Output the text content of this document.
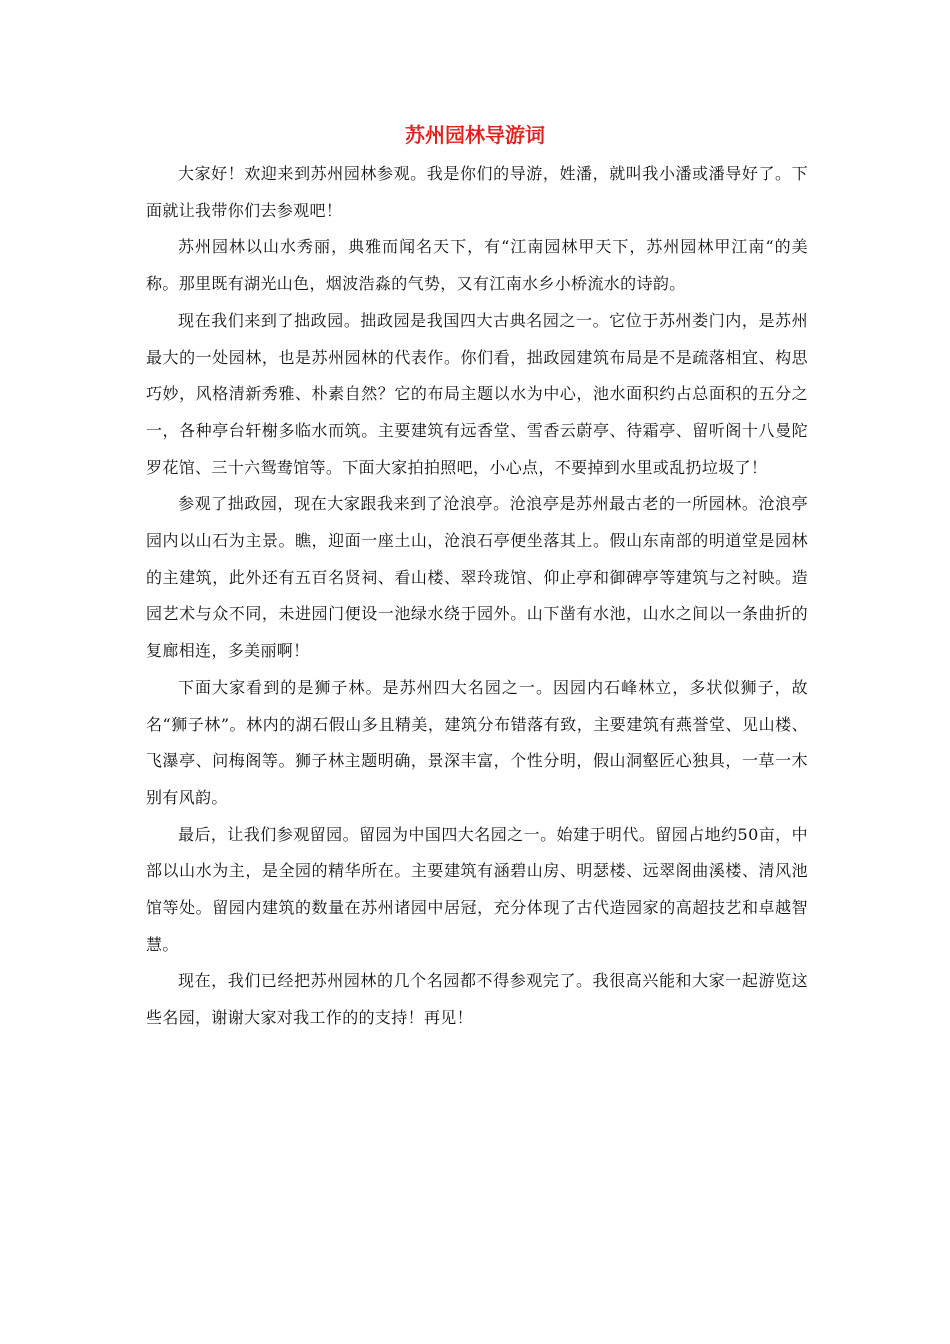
苏州园林导游词

大家好！欢迎来到苏州园林参观。我是你们的导游，姓潘，就叫我小潘或潘导好了。下面就让我带你们去参观吧！

苏州园林以山水秀丽，典雅而闻名天下，有“江南园林甲天下，苏州园林甲江南“的美称。那里既有湖光山色，烟波浩淼的气势，又有江南水乡小桥流水的诗韵。

现在我们来到了拙政园。拙政园是我国四大古典名园之一。它位于苏州娄门内，是苏州最大的一处园林，也是苏州园林的代表作。你们看，拙政园建筑布局是不是疏落相宜、构思巧妙，风格清新秀雅、朴素自然？它的布局主题以水为中心，池水面积约占总面积的五分之一，各种亭台轩榭多临水而筑。主要建筑有远香堂、雪香云蔚亭、待霜亭、留听阁十八曼陀罗花馆、三十六鸳鸯馆等。下面大家拍拍照吧，小心点，不要掉到水里或乱扔垃圾了！

参观了拙政园，现在大家跟我来到了沧浪亭。沧浪亭是苏州最古老的一所园林。沧浪亭园内以山石为主景。瞧，迎面一座土山，沧浪石亭便坐落其上。假山东南部的明道堂是园林的主建筑，此外还有五百名贤祠、看山楼、翠玲珑馆、仰止亭和御碑亭等建筑与之衬映。造园艺术与众不同，未进园门便设一池绿水绕于园外。山下凿有水池，山水之间以一条曲折的复廊相连，多美丽啊！

下面大家看到的是狮子林。是苏州四大名园之一。因园内石峰林立，多状似狮子，故名“狮子林”。林内的湖石假山多且精美，建筑分布错落有致，主要建筑有燕誉堂、见山楼、飞瀑亭、问梅阁等。狮子林主题明确，景深丰富，个性分明，假山洞壑匠心独具，一草一木别有风韵。

最后，让我们参观留园。留园为中国四大名园之一。始建于明代。留园占地约50亩，中部以山水为主，是全园的精华所在。主要建筑有涵碧山房、明瑟楼、远翠阁曲溪楼、清风池馆等处。留园内建筑的数量在苏州诸园中居冠，充分体现了古代造园家的高超技艺和卓越智慧。

现在，我们已经把苏州园林的几个名园都不得参观完了。我很高兴能和大家一起游览这些名园，谢谢大家对我工作的的支持！再见！
